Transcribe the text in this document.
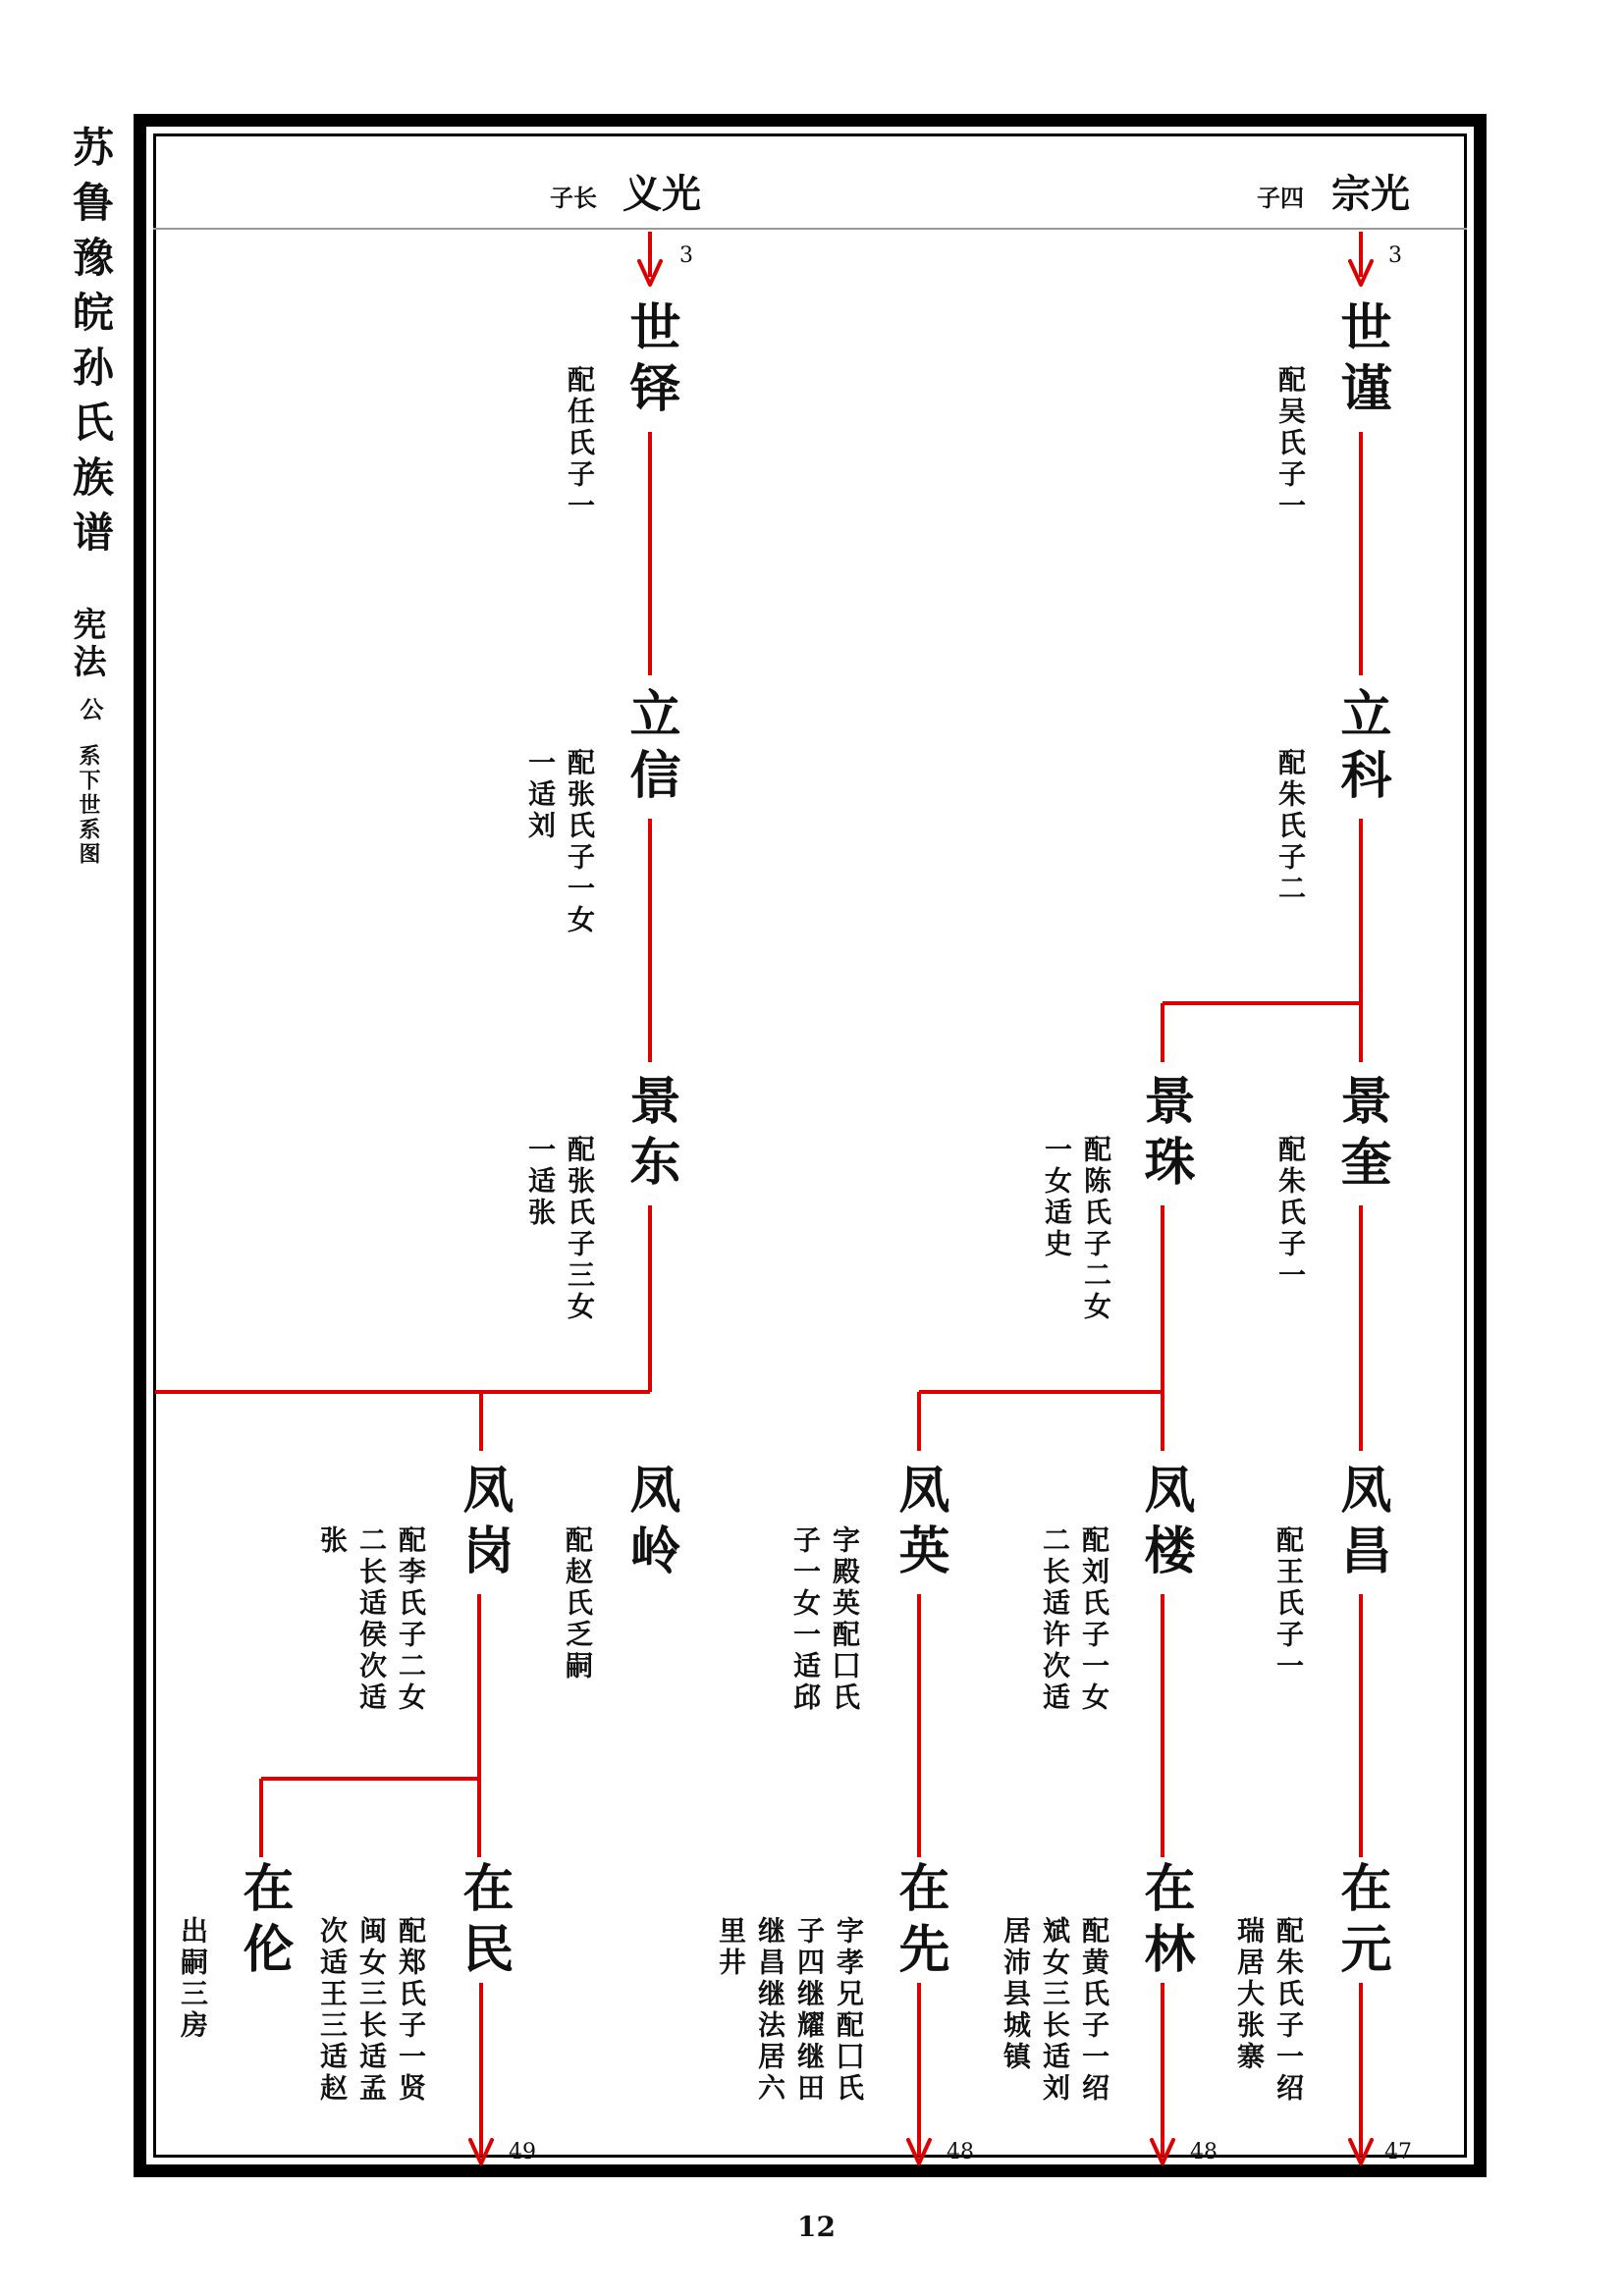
苏鲁豫皖孙氏族谱
宪法
公
系下世系图
子长 义光	子四 宗光
3	3
49	48	48	47
世铎
配任氏子一
立信
配张氏子一女
一适刘
景东
配张氏子三女
一适张
凤岭
配赵氏乏嗣
凤岗
配李氏子二女
二长适侯次适
张
在民
配郑氏子一贤
闽女三长适孟
次适王三适赵
在伦
出嗣三房
世谨
配吴氏子一
立科
配朱氏子二
景奎
配朱氏子一
景珠
配陈氏子二女
一女适史
凤昌
配王氏子一
凤楼
配刘氏子一女
二长适许次适
凤英
字殿英配囗氏
子一女一适邱
在元
配朱氏子一绍
瑞居大张寨
在林
配黄氏子一绍
斌女三长适刘
居沛县城镇
在先
字孝兄配囗氏
子四继耀继田
继昌继法居六
里井
12
